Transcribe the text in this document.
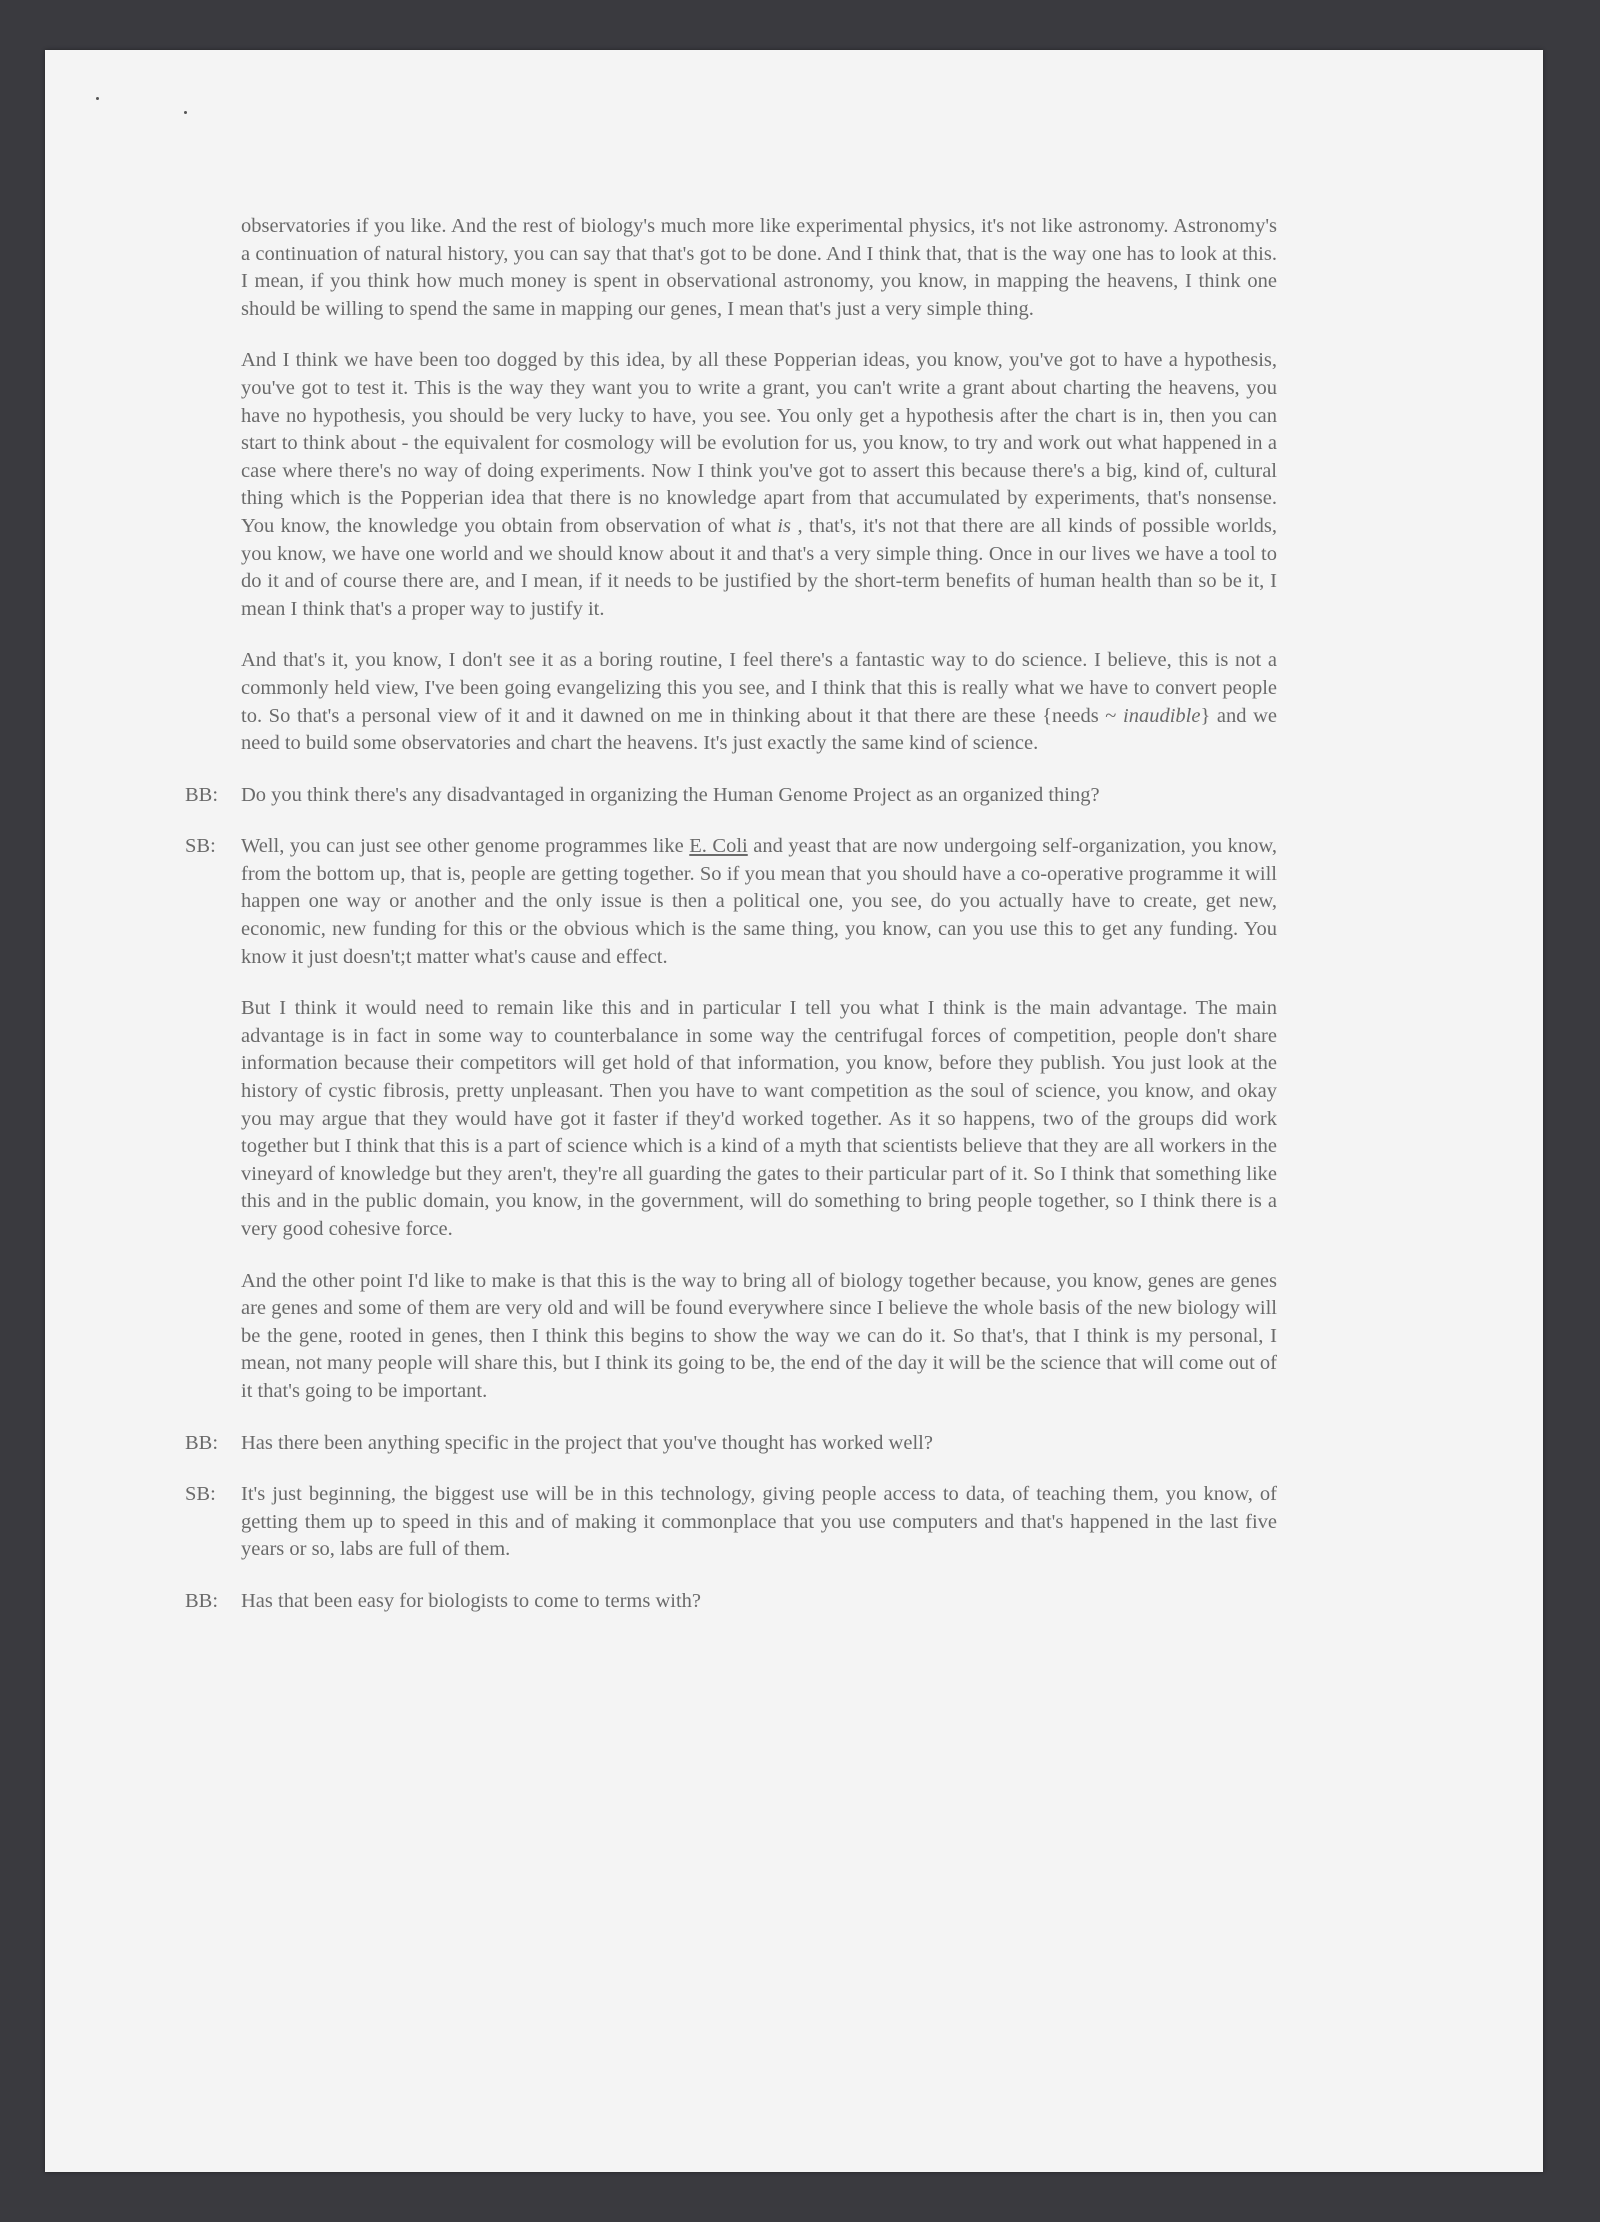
observatories if you like. And the rest of biology's much more like experimental physics, it's not like astronomy. Astronomy's a continuation of natural history, you can say that that's got to be done. And I think that, that is the way one has to look at this. I mean, if you think how much money is spent in observational astronomy, you know, in mapping the heavens, I think one should be willing to spend the same in mapping our genes, I mean that's just a very simple thing.

And I think we have been too dogged by this idea, by all these Popperian ideas, you know, you've got to have a hypothesis, you've got to test it. This is the way they want you to write a grant, you can't write a grant about charting the heavens, you have no hypothesis, you should be very lucky to have, you see. You only get a hypothesis after the chart is in, then you can start to think about - the equivalent for cosmology will be evolution for us, you know, to try and work out what happened in a case where there's no way of doing experiments. Now I think you've got to assert this because there's a big, kind of, cultural thing which is the Popperian idea that there is no knowledge apart from that accumulated by experiments, that's nonsense. You know, the knowledge you obtain from observation of what is , that's, it's not that there are all kinds of possible worlds, you know, we have one world and we should know about it and that's a very simple thing. Once in our lives we have a tool to do it and of course there are, and I mean, if it needs to be justified by the short-term benefits of human health than so be it, I mean I think that's a proper way to justify it.

And that's it, you know, I don't see it as a boring routine, I feel there's a fantastic way to do science. I believe, this is not a commonly held view, I've been going evangelizing this you see, and I think that this is really what we have to convert people to. So that's a personal view of it and it dawned on me in thinking about it that there are these {needs ~ inaudible} and we need to build some observatories and chart the heavens. It's just exactly the same kind of science.

BB: Do you think there's any disadvantaged in organizing the Human Genome Project as an organized thing?

SB: Well, you can just see other genome programmes like E. Coli and yeast that are now undergoing self-organization, you know, from the bottom up, that is, people are getting together. So if you mean that you should have a co-operative programme it will happen one way or another and the only issue is then a political one, you see, do you actually have to create, get new, economic, new funding for this or the obvious which is the same thing, you know, can you use this to get any funding. You know it just doesn't;t matter what's cause and effect.

But I think it would need to remain like this and in particular I tell you what I think is the main advantage. The main advantage is in fact in some way to counterbalance in some way the centrifugal forces of competition, people don't share information because their competitors will get hold of that information, you know, before they publish. You just look at the history of cystic fibrosis, pretty unpleasant. Then you have to want competition as the soul of science, you know, and okay you may argue that they would have got it faster if they'd worked together. As it so happens, two of the groups did work together but I think that this is a part of science which is a kind of a myth that scientists believe that they are all workers in the vineyard of knowledge but they aren't, they're all guarding the gates to their particular part of it. So I think that something like this and in the public domain, you know, in the government, will do something to bring people together, so I think there is a very good cohesive force.

And the other point I'd like to make is that this is the way to bring all of biology together because, you know, genes are genes are genes and some of them are very old and will be found everywhere since I believe the whole basis of the new biology will be the gene, rooted in genes, then I think this begins to show the way we can do it. So that's, that I think is my personal, I mean, not many people will share this, but I think its going to be, the end of the day it will be the science that will come out of it that's going to be important.

BB: Has there been anything specific in the project that you've thought has worked well?

SB: It's just beginning, the biggest use will be in this technology, giving people access to data, of teaching them, you know, of getting them up to speed in this and of making it commonplace that you use computers and that's happened in the last five years or so, labs are full of them.

BB: Has that been easy for biologists to come to terms with?
